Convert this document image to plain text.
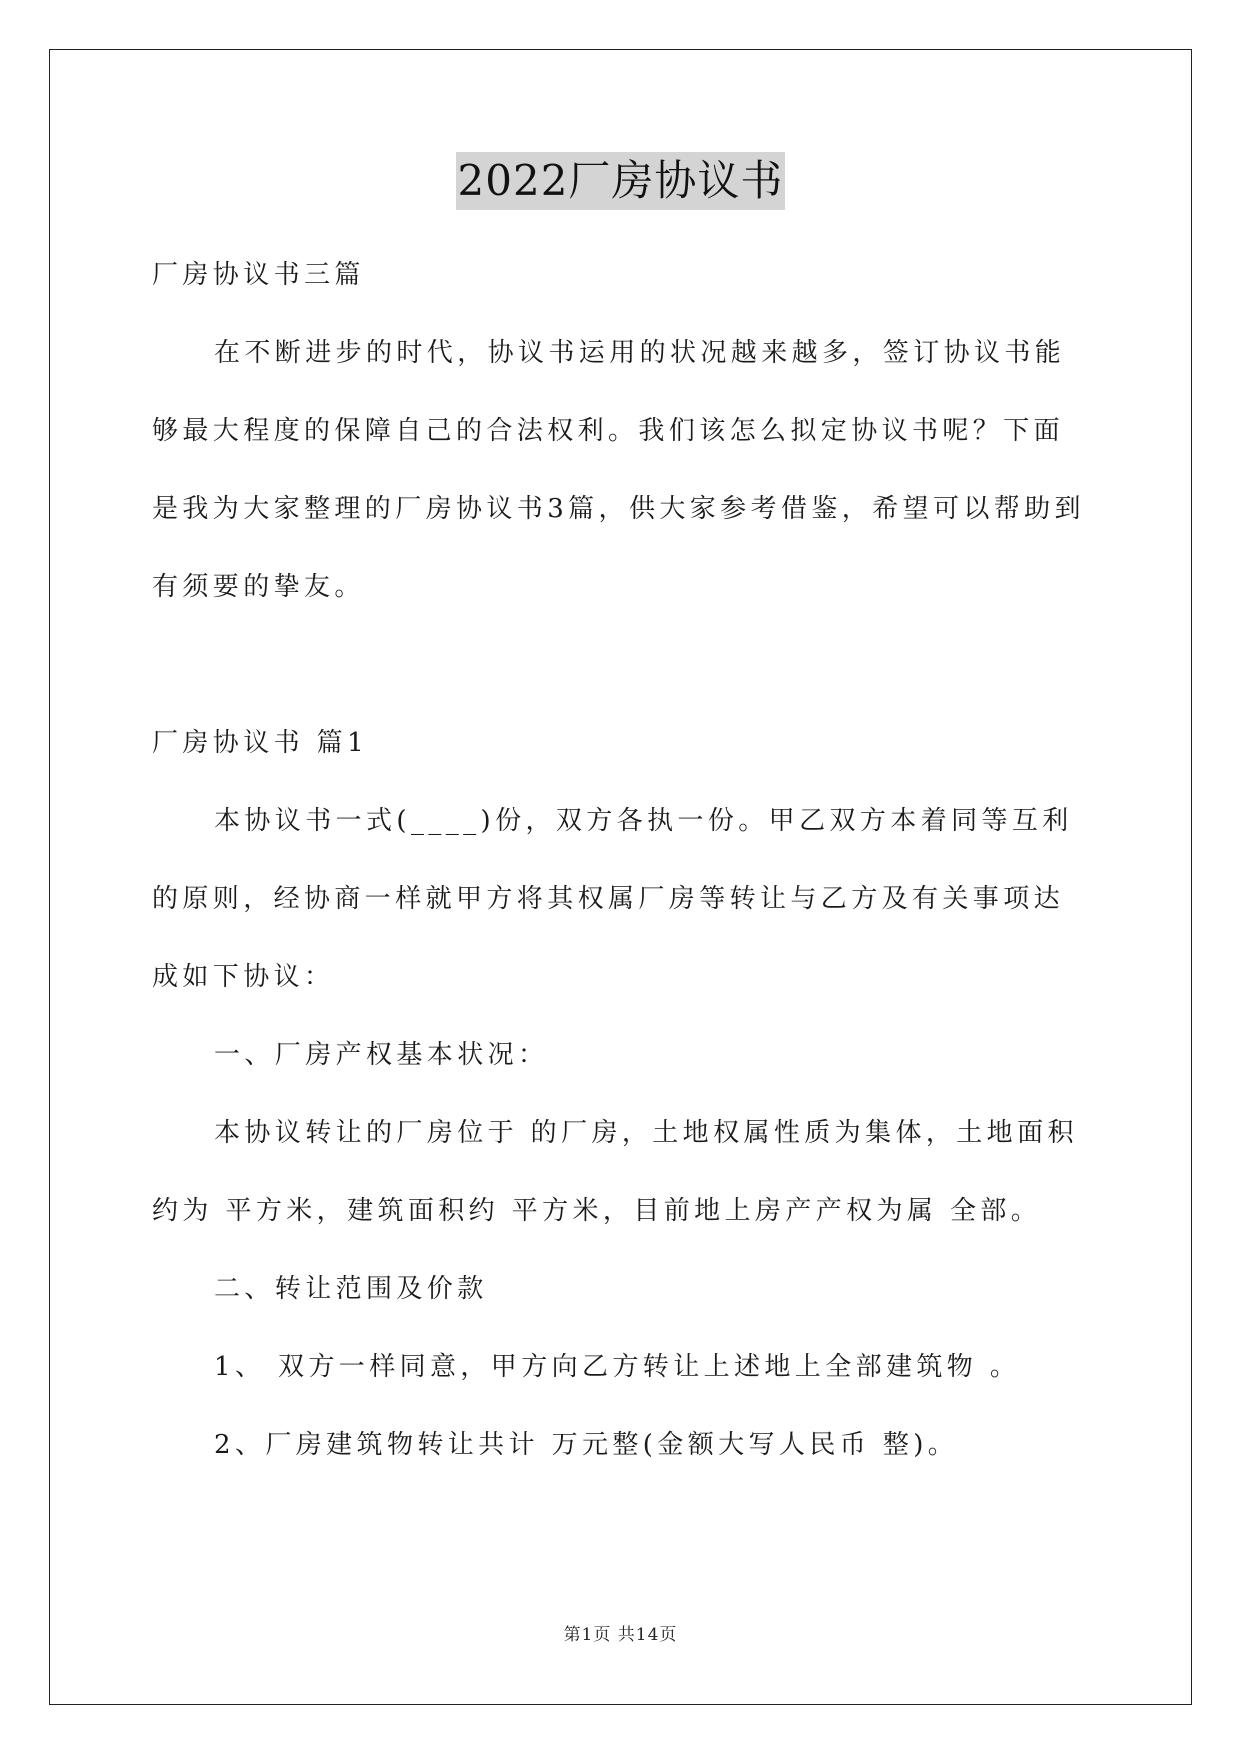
2022厂房协议书

厂房协议书三篇

在不断进步的时代，协议书运用的状况越来越多，签订协议书能够最大程度的保障自己的合法权利。我们该怎么拟定协议书呢？下面是我为大家整理的厂房协议书3篇，供大家参考借鉴，希望可以帮助到有须要的挚友。

厂房协议书 篇1

本协议书一式(____)份，双方各执一份。甲乙双方本着同等互利的原则，经协商一样就甲方将其权属厂房等转让与乙方及有关事项达成如下协议：

一、厂房产权基本状况：

本协议转让的厂房位于 的厂房，土地权属性质为集体，土地面积约为 平方米，建筑面积约 平方米，目前地上房产产权为属 全部。

二、转让范围及价款

1、 双方一样同意，甲方向乙方转让上述地上全部建筑物 。

2、厂房建筑物转让共计 万元整(金额大写人民币 整)。

第1页 共14页
